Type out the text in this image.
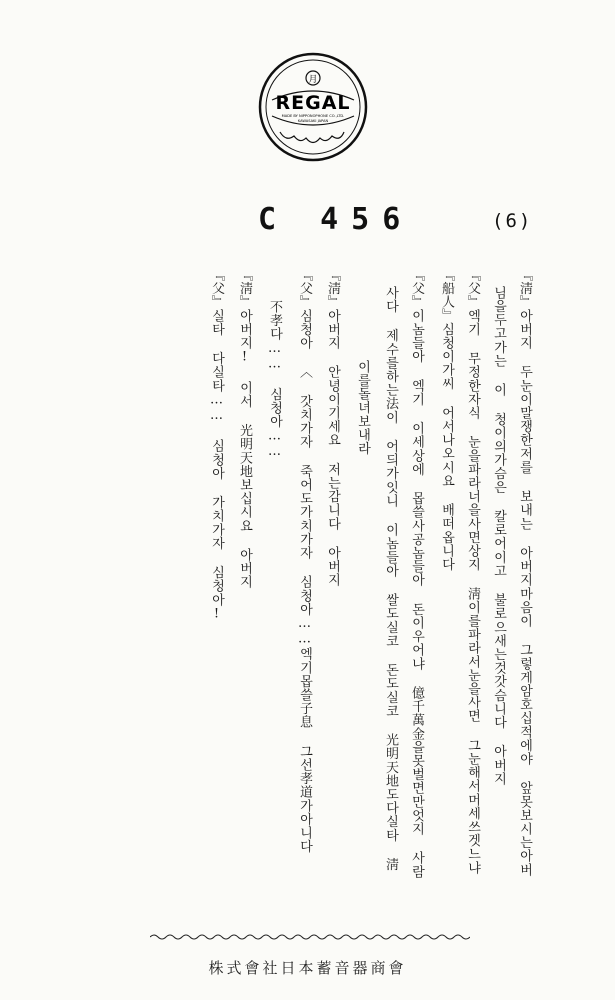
月
REGAL
MADE BY NIPPONOPHONE CO.,LTD.
KAWASAKI JAPAN
C 456	(6)
『淸』아버지 두눈이말쟁한저를 보내는 아버지마음이 그렇게암호십적에야 앞못보시는아버
님을두고가는 이 청이의가슴은 칼로어이고 불로으새는것갓슴니다 아버지
『父』엑기 무정한자식 눈을파라너을사면상지 淸이를파라서눈을사면 그눈해서머세쓰겟느냐
『船人』심청이가씨 어서나오시요 배떠옵니다
『父』이놈들아 엑기 이세상에 몹쓸사공놈들아 돈이우어냐 億千萬金을못벌면만엇지 사람
사다 제수를하는法이 어듸가잇니 이놈들아 쌀도실코 돈도실코 光明天地도다실타 淸
이를돌녀보내라
『淸』아버지 안녕이기세요 저는감니다 아버지
『父』심청아 〈 갓치가자 죽어도가치가자 심청아……엑기몹쓸子息 그선孝道가아니다
不孝다…… 심청아……
『淸』아버지! 이서 光明天地보십시요 아버지
『父』실타 다실타…… 심청아 가치가자 심청아!
株式會社日本蓄音器商會
